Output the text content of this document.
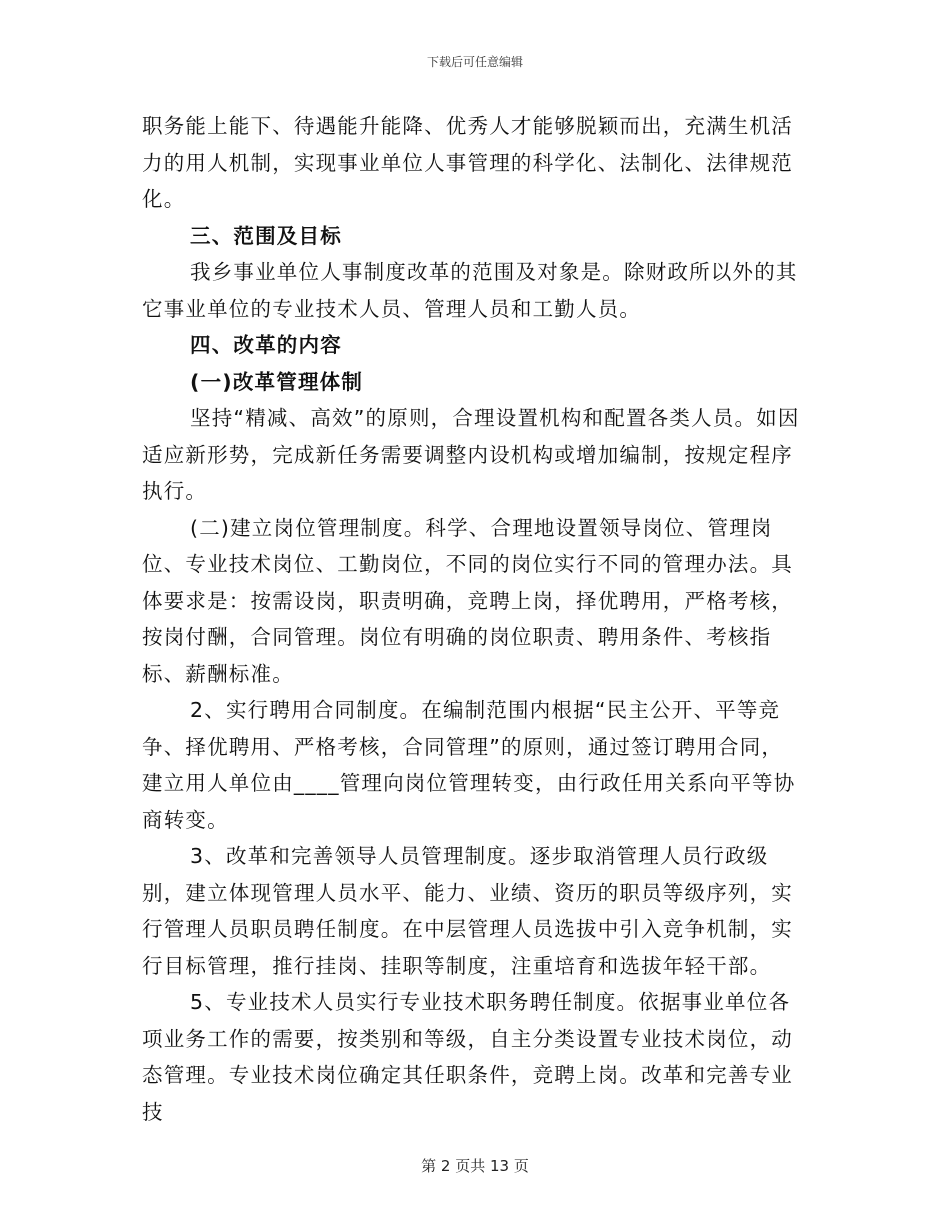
下载后可任意编辑

职务能上能下、待遇能升能降、优秀人才能够脱颖而出，充满生机活力的用人机制，实现事业单位人事管理的科学化、法制化、法律规范化。

三、范围及目标

我乡事业单位人事制度改革的范围及对象是。除财政所以外的其它事业单位的专业技术人员、管理人员和工勤人员。

四、改革的内容

(一)改革管理体制

坚持“精减、高效”的原则，合理设置机构和配置各类人员。如因适应新形势，完成新任务需要调整内设机构或增加编制，按规定程序执行。

(二)建立岗位管理制度。科学、合理地设置领导岗位、管理岗位、专业技术岗位、工勤岗位，不同的岗位实行不同的管理办法。具体要求是：按需设岗，职责明确，竞聘上岗，择优聘用，严格考核，按岗付酬，合同管理。岗位有明确的岗位职责、聘用条件、考核指标、薪酬标准。

2、实行聘用合同制度。在编制范围内根据“民主公开、平等竞争、择优聘用、严格考核，合同管理”的原则，通过签订聘用合同，建立用人单位由____管理向岗位管理转变，由行政任用关系向平等协商转变。

3、改革和完善领导人员管理制度。逐步取消管理人员行政级别，建立体现管理人员水平、能力、业绩、资历的职员等级序列，实行管理人员职员聘任制度。在中层管理人员选拔中引入竞争机制，实行目标管理，推行挂岗、挂职等制度，注重培育和选拔年轻干部。

5、专业技术人员实行专业技术职务聘任制度。依据事业单位各项业务工作的需要，按类别和等级，自主分类设置专业技术岗位，动态管理。专业技术岗位确定其任职条件，竞聘上岗。改革和完善专业技

第 2 页共 13 页
